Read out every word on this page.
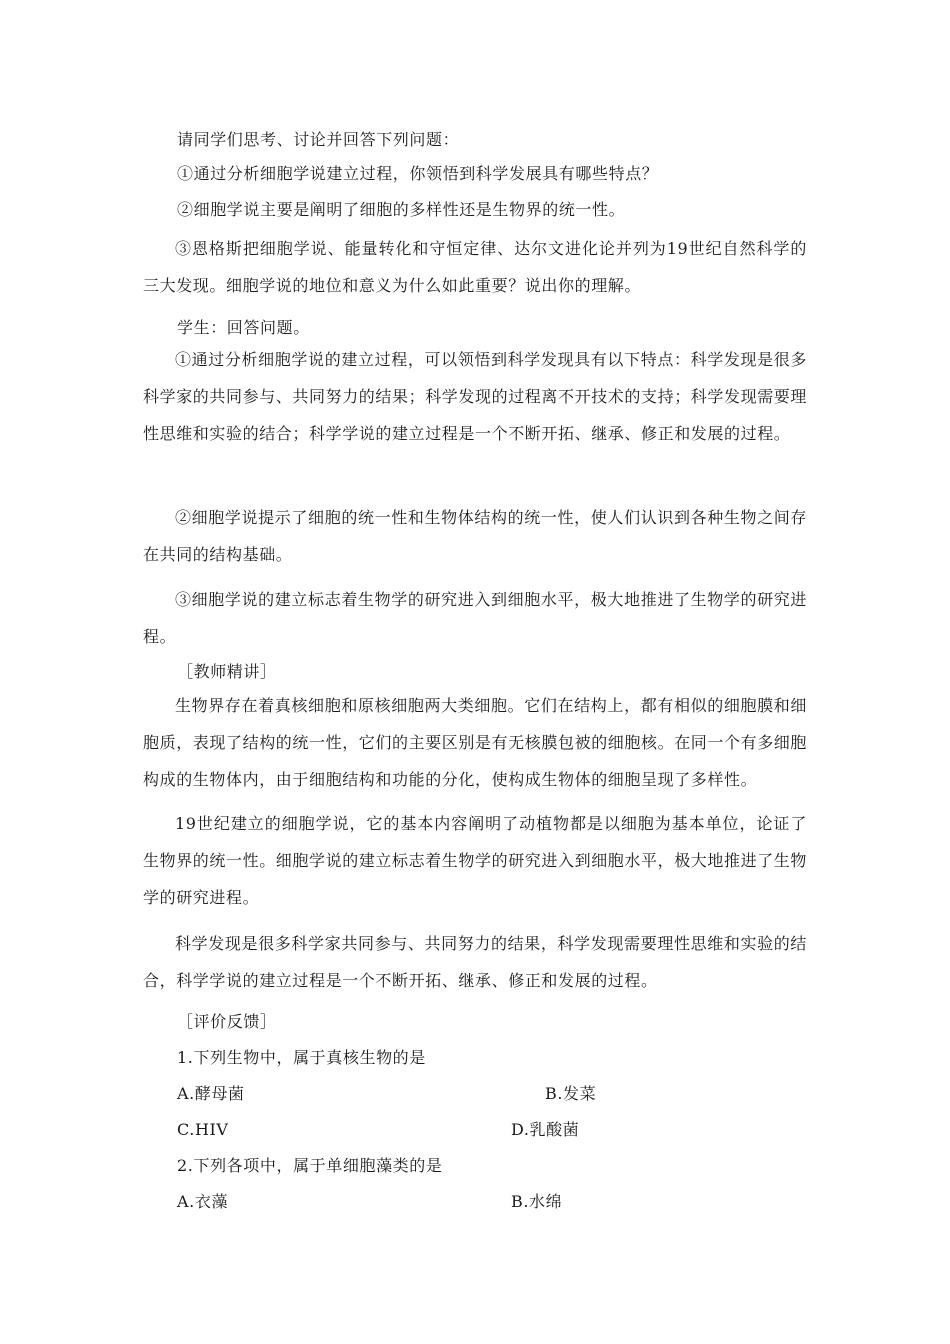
请同学们思考、讨论并回答下列问题：
①通过分析细胞学说建立过程，你领悟到科学发展具有哪些特点？
②细胞学说主要是阐明了细胞的多样性还是生物界的统一性。

③恩格斯把细胞学说、能量转化和守恒定律、达尔文进化论并列为19世纪自然科学的三大发现。细胞学说的地位和意义为什么如此重要？说出你的理解。

学生：回答问题。

①通过分析细胞学说的建立过程，可以领悟到科学发现具有以下特点：科学发现是很多科学家的共同参与、共同努力的结果；科学发现的过程离不开技术的支持；科学发现需要理性思维和实验的结合；科学学说的建立过程是一个不断开拓、继承、修正和发展的过程。

②细胞学说提示了细胞的统一性和生物体结构的统一性，使人们认识到各种生物之间存在共同的结构基础。

③细胞学说的建立标志着生物学的研究进入到细胞水平，极大地推进了生物学的研究进程。

［教师精讲］

生物界存在着真核细胞和原核细胞两大类细胞。它们在结构上，都有相似的细胞膜和细胞质，表现了结构的统一性，它们的主要区别是有无核膜包被的细胞核。在同一个有多细胞构成的生物体内，由于细胞结构和功能的分化，使构成生物体的细胞呈现了多样性。

19世纪建立的细胞学说，它的基本内容阐明了动植物都是以细胞为基本单位，论证了生物界的统一性。细胞学说的建立标志着生物学的研究进入到细胞水平，极大地推进了生物学的研究进程。

科学发现是很多科学家共同参与、共同努力的结果，科学发现需要理性思维和实验的结合，科学学说的建立过程是一个不断开拓、继承、修正和发展的过程。

［评价反馈］
1.下列生物中，属于真核生物的是
A.酵母菌	B.发菜
C.HIV	D.乳酸菌
2.下列各项中，属于单细胞藻类的是
A.衣藻	B.水绵
